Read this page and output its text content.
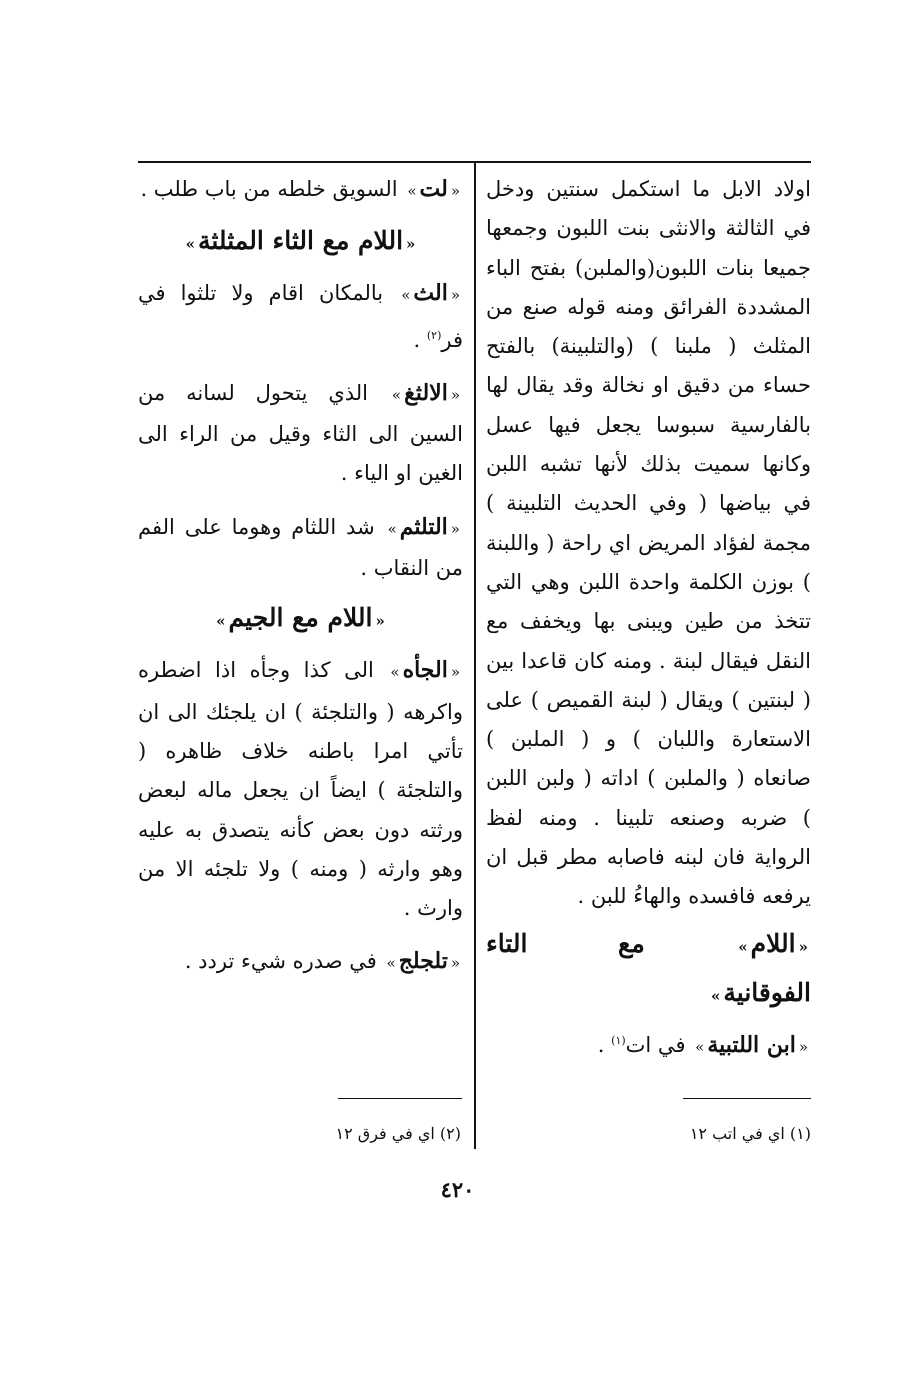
اولاد الابل ما استكمل سنتين ودخل في الثالثة والانثى بنت اللبون وجمعها جميعا بنات اللبون(والملبن) بفتح الباء المشددة الفرائق ومنه قوله صنع من المثلث ( ملبنا ) (والتلبينة) بالفتح حساء من دقيق او نخالة وقد يقال لها بالفارسية سبوسا يجعل فيها عسل وكانها سميت بذلك لأنها تشبه اللبن في بياضها ( وفي الحديث التلبينة ) مجمة لفؤاد المريض اي راحة ( واللبنة ) بوزن الكلمة واحدة اللبن وهي التي تتخذ من طين ويبنى بها ويخفف مع النقل فيقال لبنة . ومنه كان قاعدا بين ( لبنتين ) ويقال ( لبنة القميص ) على الاستعارة واللبان ) و ( الملبن ) صانعاه ( والملبن ) اداته ( ولبن اللبن ) ضربه وصنعه تلبينا . ومنه لفظ الرواية فان لبنه فاصابه مطر قبل ان يرفعه فافسده والهاءُ للبن .

«اللام»
مع
التاء
الفوقانية»

«ابن اللتبية» في ات$^{(١)}$ .

«لت» السويق خلطه من باب طلب .

«اللام مع الثاء المثلثة»

«الث» بالمكان اقام ولا تلثوا في فر$^{(٢)}$ .

«الالثغ» الذي يتحول لسانه من السين الى الثاء وقيل من الراء الى الغين او الياء .

«التلثم» شد اللثام وهوما على الفم من النقاب .

«اللام مع الجيم»

«الجأه» الى كذا وجأه اذا اضطره واكرهه ( والتلجئة ) ان يلجئك الى ان تأتي امرا باطنه خلاف ظاهره ( والتلجئة ) ايضاً ان يجعل ماله لبعض ورثته دون بعض كأنه يتصدق به عليه وهو وارثه ( ومنه ) ولا تلجئه الا من وارث .

«تلجلج» في صدره شيء تردد .

(١) اي في اتب ١٢
(٢) اي في فرق ١٢
٤٢٠
